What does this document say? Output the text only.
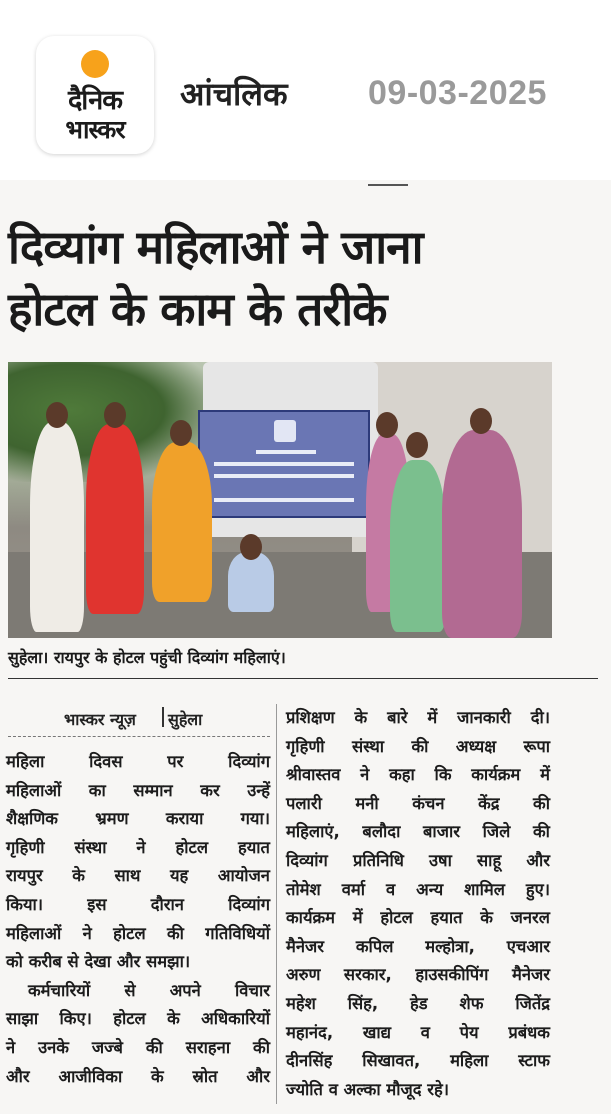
दैनिक
भास्कर
आंचलिक 09-03-2025
दिव्यांग महिलाओं ने जाना
होटल के काम के तरीके
सुहेला। रायपुर के होटल पहुंची दिव्यांग महिलाएं।
भास्कर न्यूज़ सुहेला
महिला	दिवस	पर	दिव्यांग
महिलाओं का सम्मान कर उन्हें
शैक्षणिक भ्रमण कराया गया।
गृहिणी संस्था ने होटल हयात
रायपुर के साथ यह आयोजन
किया।	इस	दौरान	दिव्यांग
महिलाओं ने होटल की गतिविधियों
को करीब से देखा और समझा।
कर्मचारियों से अपने विचार
साझा किए। होटल के अधिकारियों
ने उनके जज्बे की सराहना की
और आजीविका के स्रोत और
प्रशिक्षण के बारे में जानकारी दी।
गृहिणी संस्था की अध्यक्ष रूपा
श्रीवास्तव ने कहा कि कार्यक्रम में
पलारी मनी कंचन केंद्र की
महिलाएं, बलौदा बाजार जिले की
दिव्यांग प्रतिनिधि उषा साहू और
तोमेश वर्मा व अन्य शामिल हुए।
कार्यक्रम में होटल हयात के जनरल
मैनेजर कपिल मल्होत्रा, एचआर
अरुण सरकार, हाउसकीपिंग मैनेजर
महेश सिंह, हेड शेफ जितेंद्र
महानंद, खाद्य व पेय प्रबंधक
दीनसिंह सिखावत, महिला स्टाफ
ज्योति व अल्का मौजूद रहे।
